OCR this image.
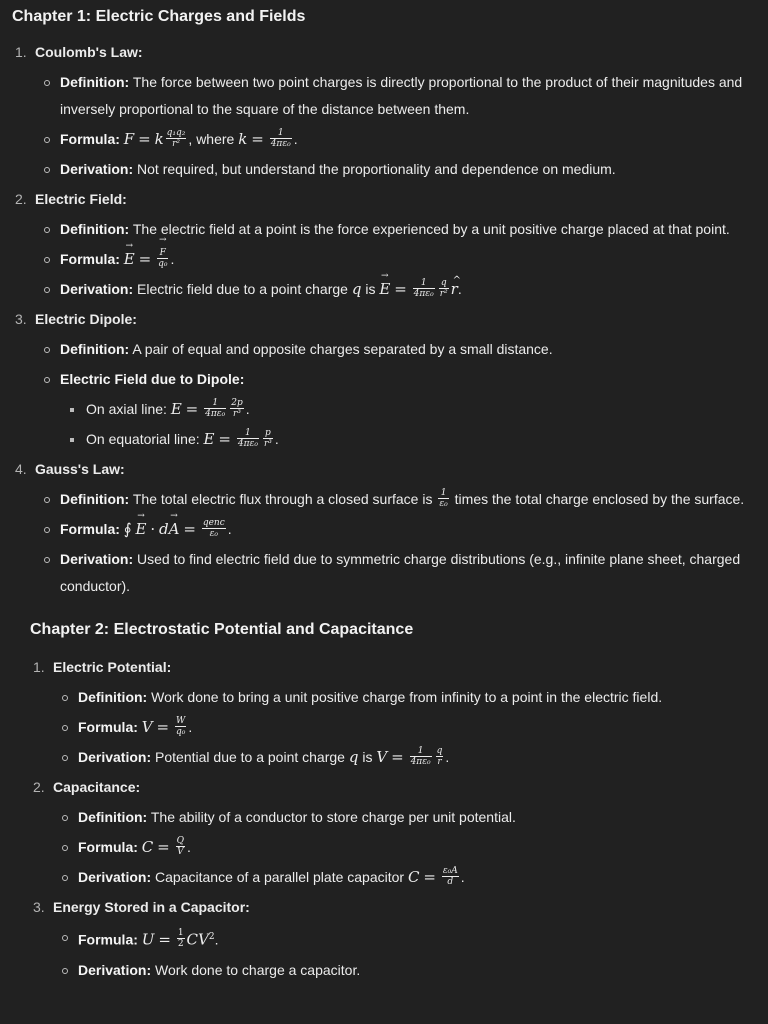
Chapter 1: Electric Charges and Fields
1. Coulomb's Law:
Definition: The force between two point charges is directly proportional to the product of their magnitudes and inversely proportional to the square of the distance between them.
Formula: F = k $\frac{\text{q₁q₂}}{\text{r²}}$ , where $k = \frac{1}{\text{4πε₀}}$ .
Derivation: Not required, but understand the proportionality and dependence on medium.
2. Electric Field:
Definition: The electric field at a point is the force experienced by a unit positive charge placed at that point.
Formula: E → = $\frac{F \to}{\text{q₀}}$ .
Derivation: Electric field due to a point charge q is E → = $\frac{1}{\text{4πε₀}} \frac{q}{\text{r²}}$ r ^.
3. Electric Dipole:
Definition: A pair of equal and opposite charges separated by a small distance.
Electric Field due to Dipole:
On axial line: $E = \frac{1}{\text{4πε₀}} \frac{2p}{\text{r³}}$ .
On equatorial line: $E = \frac{1}{\text{4πε₀}} \frac{p}{\text{r³}}$ .
4. Gauss's Law:
Definition: The total electric flux through a closed surface is $\frac{1}{\text{ε₀}}$ times the total charge enclosed by the surface.
Formula: ∮ E → · dA → = $\frac{\text{qenc}}{\text{ε₀}}$ .
Derivation: Used to find electric field due to symmetric charge distributions (e.g., infinite plane sheet, charged conductor).
Chapter 2: Electrostatic Potential and Capacitance
1. Electric Potential:
Definition: Work done to bring a unit positive charge from infinity to a point in the electric field.
Formula: $V = \frac{W}{\text{q₀}}$ .
Derivation: Potential due to a point charge q is $V = \frac{1}{\text{4πε₀}} \frac{q}{r}$ .
2. Capacitance:
Definition: The ability of a conductor to store charge per unit potential.
Formula: $C = \frac{Q}{V}$ .
Derivation: Capacitance of a parallel plate capacitor $C = \frac{\text{ε₀A}}{d}$ .
3. Energy Stored in a Capacitor:
Formula: $U = \frac{1}{2} CV^2$.
Derivation: Work done to charge a capacitor.
